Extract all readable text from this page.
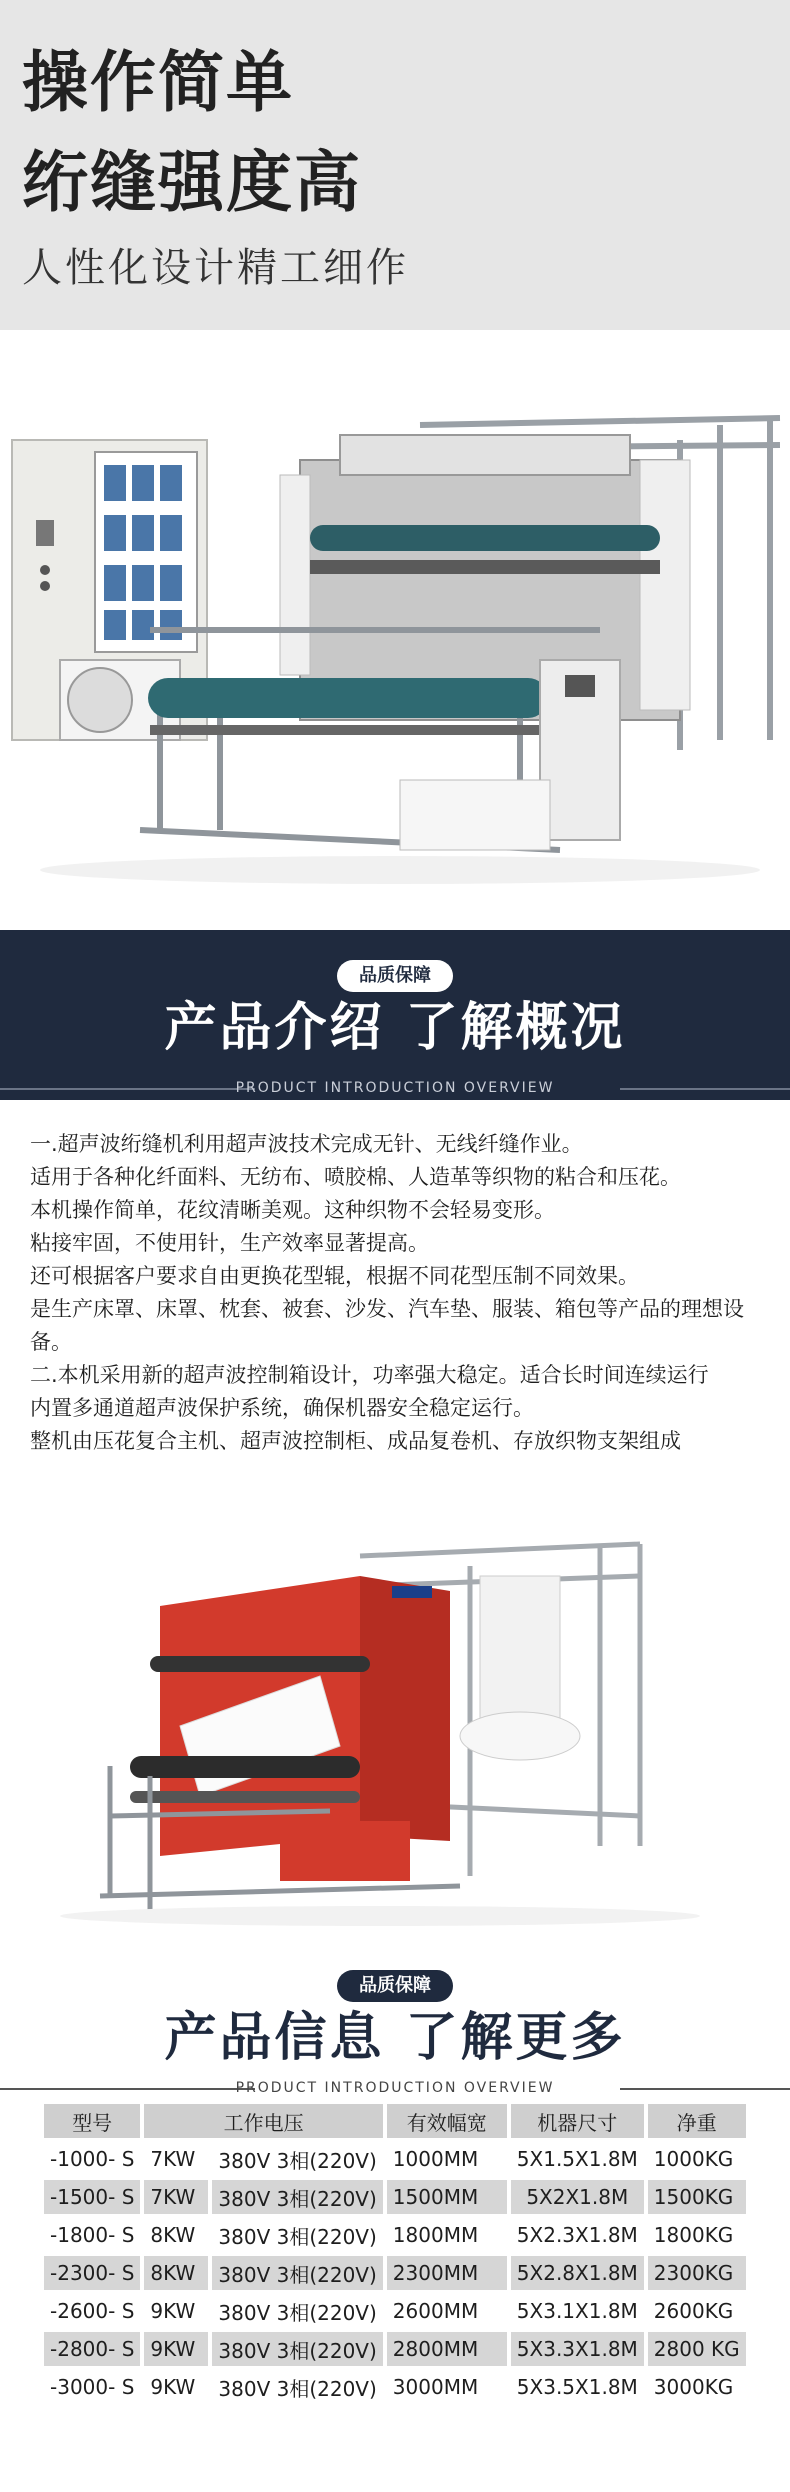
操作简单
绗缝强度高
人性化设计精工细作
品质保障
产品介绍 了解概况
PRODUCT INTRODUCTION OVERVIEW

一.超声波绗缝机利用超声波技术完成无针、无线纤缝作业。

适用于各种化纤面料、无纺布、喷胶棉、人造革等织物的粘合和压花。

本机操作简单，花纹清晰美观。这种织物不会轻易变形。

粘接牢固，不使用针，生产效率显著提高。

还可根据客户要求自由更换花型辊，根据不同花型压制不同效果。

是生产床罩、床罩、枕套、被套、沙发、汽车垫、服装、箱包等产品的理想设备。

二.本机采用新的超声波控制箱设计，功率强大稳定。适合长时间连续运行

内置多通道超声波保护系统，确保机器安全稳定运行。

整机由压花复合主机、超声波控制柜、成品复卷机、存放织物支架组成

品质保障
产品信息 了解更多
PRODUCT INTRODUCTION OVERVIEW
型号	工作电压		有效幅宽	机器尺寸	净重
-1000- S	7KW	380V 3相(220V)	1000MM	5X1.5X1.8M	1000KG
-1500- S	7KW	380V 3相(220V)	1500MM	5X2X1.8M	1500KG
-1800- S	8KW	380V 3相(220V)	1800MM	5X2.3X1.8M	1800KG
-2300- S	8KW	380V 3相(220V)	2300MM	5X2.8X1.8M	2300KG
-2600- S	9KW	380V 3相(220V)	2600MM	5X3.1X1.8M	2600KG
-2800- S	9KW	380V 3相(220V)	2800MM	5X3.3X1.8M	2800 KG
-3000- S	9KW	380V 3相(220V)	3000MM	5X3.5X1.8M	3000KG
